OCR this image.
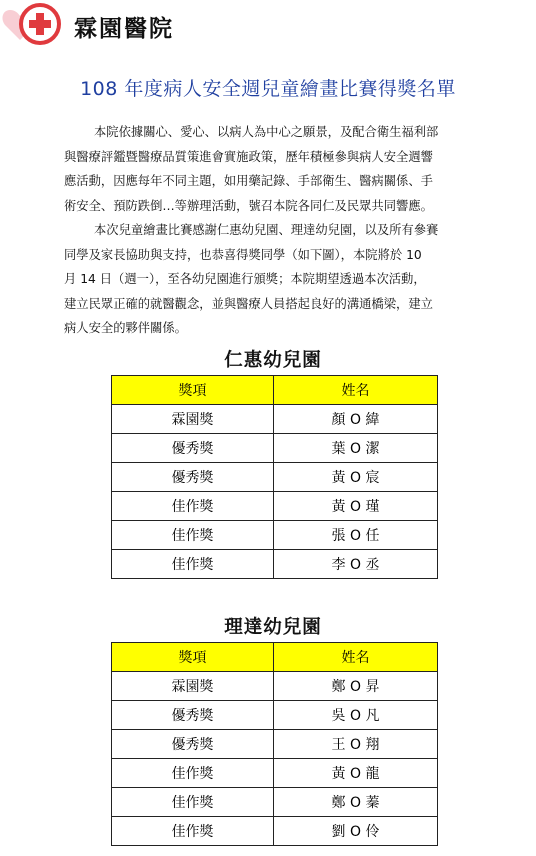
霖園醫院
108 年度病人安全週兒童繪畫比賽得獎名單
本院依據關心、愛心、以病人為中心之願景，及配合衛生福利部
與醫療評鑑暨醫療品質策進會實施政策，歷年積極參與病人安全週響
應活動，因應每年不同主題，如用藥記錄、手部衛生、醫病關係、手
術安全、預防跌倒…等辦理活動，號召本院各同仁及民眾共同響應。
本次兒童繪畫比賽感謝仁惠幼兒園、理達幼兒園，以及所有參賽
同學及家長協助與支持，也恭喜得獎同學（如下圖），本院將於 10
月 14 日（週一），至各幼兒園進行頒獎；本院期望透過本次活動，
建立民眾正確的就醫觀念，並與醫療人員搭起良好的溝通橋梁，建立
病人安全的夥伴關係。
仁惠幼兒園
獎項	姓名
霖園獎	顏 O 緯
優秀獎	葉 O 潔
優秀獎	黃 O 宸
佳作獎	黃 O 瑾
佳作獎	張 O 任
佳作獎	李 O 丞
理達幼兒園
獎項	姓名
霖園獎	鄭 O 昇
優秀獎	吳 O 凡
優秀獎	王 O 翔
佳作獎	黃 O 龍
佳作獎	鄭 O 蓁
佳作獎	劉 O 伶
